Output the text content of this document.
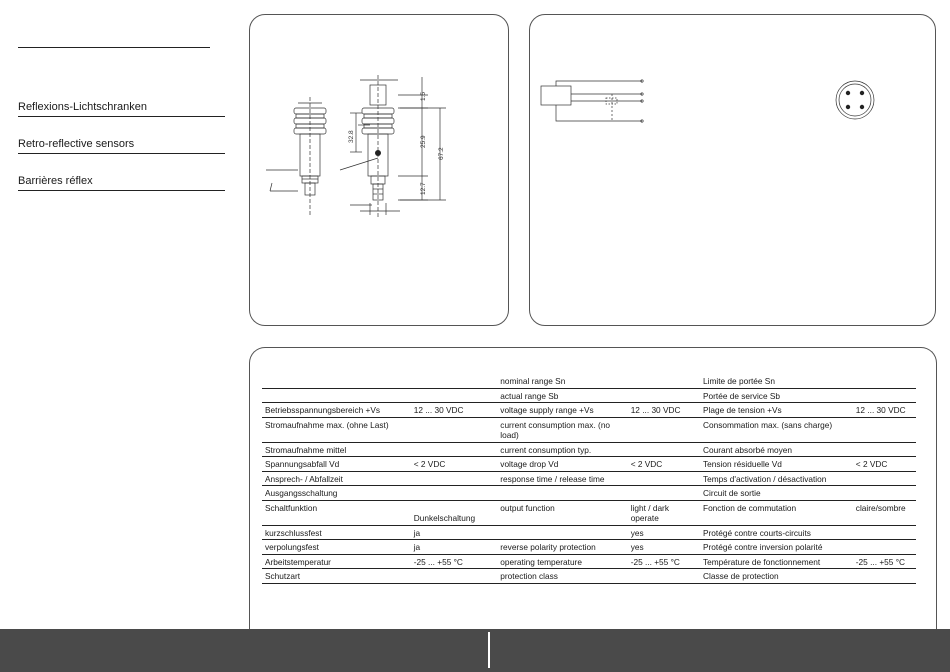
Reflexions-Lichtschranken
Retro-reflective sensors
Barrières réflex
1.5
32.8	25.9
67.2
12.7
		nominal range Sn		Limite de portée Sn	
		actual range Sb		Portée de service Sb	
Betriebsspannungsbereich +Vs	12 ... 30 VDC	voltage supply range +Vs	12 ... 30 VDC	Plage de tension +Vs	12 ... 30 VDC
Stromaufnahme max. (ohne Last)		current consumption max. (no load)		Consommation max. (sans charge)	
Stromaufnahme mittel		current consumption typ.		Courant absorbé moyen	
Spannungsabfall Vd	< 2 VDC	voltage drop Vd	< 2 VDC	Tension résiduelle Vd	< 2 VDC
Ansprech- / Abfallzeit		response time / release time		Temps d'activation / désactivation	
Ausgangsschaltung				Circuit de sortie	
Schaltfunktion	Dunkelschaltung	output function	light / dark operate	Fonction de commutation	claire/sombre
kurzschlussfest	ja		yes	Protégé contre courts-circuits	
verpolungsfest	ja	reverse polarity protection	yes	Protégé contre inversion polarité	
Arbeitstemperatur	-25 ... +55 °C	operating temperature	-25 ... +55 °C	Température de fonctionnement	-25 ... +55 °C
Schutzart		protection class		Classe de protection	
